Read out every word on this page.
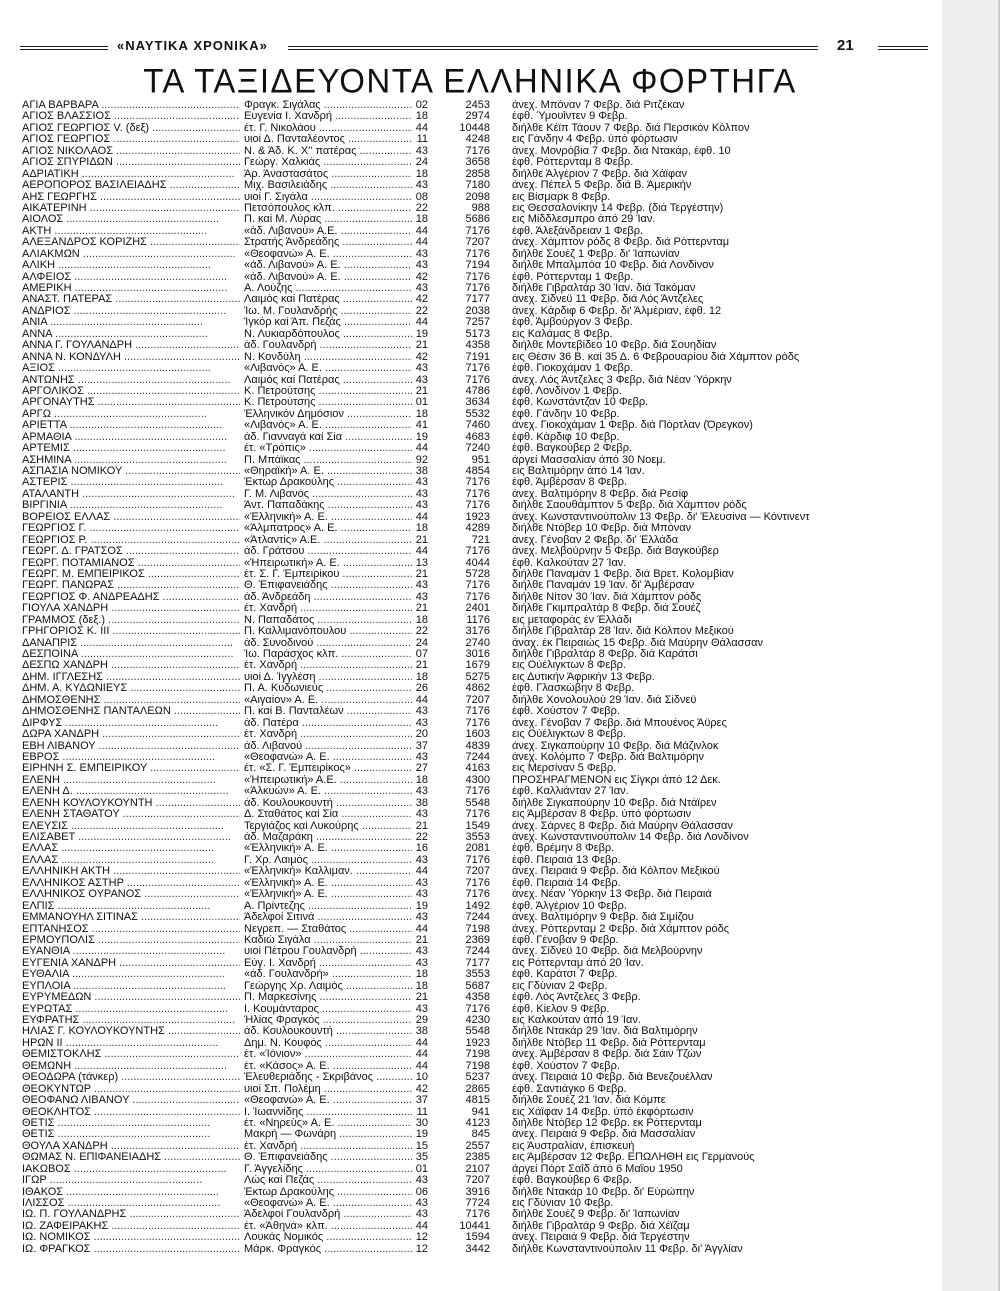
«ΝΑΥΤΙΚΑ ΧΡΟΝΙΚΑ»	21
ΤΑ ΤΑΞΙΔΕΥΟΝΤΑ ΕΛΛΗΝΙΚΑ ΦΟΡΤΗΓΑ
ΑΓΙΑ ΒΑΡΒΑΡΑ .....	Φραγκ. Σιγάλας .....	02	2453 άνεχ. Μπόναν 7 Φεβρ. διά Ριτζέκαν
ΑΓΙΟΣ ΒΛΑΣΣΙΟΣ .....	Ευγενία Ι. Χανδρή .....	18	2974 έφθ. Ύμουΐντεν 9 Φεβρ.
ΑΓΙΟΣ ΓΕΩΡΓΙΟΣ V. (δεξ) .....	έτ. Γ. Νικολάου .....	44	10448 διήλθε Κέϊπ Τάουν 7 Φεβρ. διά Περσικόν Κόλπον
ΑΓΙΟΣ ΓΕΩΡΓΙΟΣ .....	υιοί Δ. Πανταλέοντος .....	11	4248 εις Γάνδην 4 Φεβρ. ύπό φόρτωσιν
ΑΓΙΟΣ ΝΙΚΟΛΑΟΣ .....	Ν. & Άδ. Κ. Χ'' πατέρας .....	43	7176 άνεχ. Μονρόβια 7 Φεβρ. διά Ντακάρ, έφθ. 10
ΑΓΙΟΣ ΣΠΥΡΙΔΩΝ .....	Γεώργ. Χαλκιάς .....	24	3658 έφθ. Ρόττερνταμ 8 Φεβρ.
ΑΔΡΙΑΤΙΚΗ .....	Άρ. Άναστασάτος .....	18	2858 διήλθε Άλγέριον 7 Φεβρ. διά Χάϊφαν
ΑΕΡΟΠΟΡΟΣ ΒΑΣΙΛΕΙΑΔΗΣ .....	Μιχ. Βασιλειάδης .....	43	7180 άνεχ. Πέπελ 5 Φεβρ. διά Β. Άμερικήν
ΑΗΣ ΓΕΩΡΓΗΣ .....	υιοί Γ. Σιγάλα .....	08	2098 εις Βίσμαρκ 8 Φεβρ.
ΑΙΚΑΤΕΡΙΝΗ .....	Πετσόπουλος κλπ. .....	22	988 εις Θεσσαλονίκην 14 Φεβρ. (διά Τεργέστην)
ΑΙΟΛΟΣ .....	Π. καί Μ. Λύρας .....	18	5686 εις Μίδδλεσμπρο άπό 29 Ίαν.
ΑΚΤΗ .....	«άδ. Λιβανού» Α.Ε. .....	44	7176 έφθ. Άλεξάνδρειαν 1 Φεβρ.
ΑΛΕΞΑΝΔΡΟΣ ΚΟΡΙΖΗΣ .....	Στρατής Άνδρεάδης .....	44	7207 άνεχ. Χάμπτον ρόδς 8 Φεβρ. διά Ρόττερνταμ
ΑΛΙΑΚΜΩΝ .....	«Θεοφανώ» Α. Ε. .....	43	7176 διήλθε Σουέζ 1 Φεβρ. δι' Ίαπωνίαν
ΑΛΙΚΗ .....	«άδ. Λιβανού» Α. Ε. .....	43	7194 διήλθε Μπαλμπόα 10 Φεβρ. διά Λονδίνον
ΑΛΦΕΙΟΣ .....	«άδ. Λιβανού» Α. Ε. .....	42	7176 έφθ. Ρόττερνταμ 1 Φεβρ.
ΑΜΕΡΙΚΗ .....	Α. Λούζης .....	43	7176 διήλθε Γιβραλτάρ 30 Ίαν. διά Τακόμαν
ΑΝΑΣΤ. ΠΑΤΕΡΑΣ .....	Λαιμός καί Πατέρας .....	42	7177 άνεχ. Σίδνεϋ 11 Φεβρ. διά Λός Άντζελες
ΑΝΔΡΙΟΣ .....	Ίω. Μ. Γουλανδρής .....	22	2038 άνεχ. Κάρδιφ 6 Φεβρ. δι' Άλμέριαν, έφθ. 12
ΑΝΙΑ .....	Ίγκόρ καί Άπ. Πεζάς .....	44	7257 έφθ. Άμβούργον 3 Φεβρ.
ΑΝΝΑ .....	Ν. Λυκιαρδόπουλος .....	19	5173 εις Καλάμας 8 Φεβρ.
ΑΝΝΑ Γ. ΓΟΥΛΑΝΔΡΗ .....	άδ. Γουλανδρή .....	21	4358 διήλθε Μοντεβίδεο 10 Φεβρ. διά Σουηδίαν
ΑΝΝΑ Ν. ΚΟΝΔΥΛΗ .....	Ν. Κονδύλη .....	42	7191 εις Θέσιν 36 Β. καί 35 Δ. 6 Φεβρουαρίου διά Χάμπτον ρόδς
ΑΞΙΟΣ .....	«Λιβανός» Α. Ε. .....	43	7176 έφθ. Γιοκοχάμαν 1 Φεβρ.
ΑΝΤΩΝΗΣ .....	Λαιμός καί Πατέρας .....	43	7176 άνεχ. Λός Άντζελες 3 Φεβρ. διά Νέαν Ύόρκην
ΑΡΓΟΛΙΚΟΣ .....	Κ. Πετρούτσης .....	21	4786 έφθ. Λονδίνον 1 Φεβρ.
ΑΡΓΟΝΑΥΤΗΣ .....	Κ. Πετρούτσης .....	01	3634 έφθ. Κωνστάντζαν 10 Φεβρ.
ΑΡΓΩ .....	Έλληνικόν Δημόσιον .....	18	5532 έφθ. Γάνδην 10 Φεβρ.
ΑΡΙΕΤΤΑ .....	«Λιβανός» Α. Ε. .....	41	7460 άνεχ. Γιοκοχάμαν 1 Φεβρ. διά Πόρτλαν (Όρεγκον)
ΑΡΜΑΘΙΑ .....	άδ. Γιανναγά καί Σία .....	19	4683 έφθ. Κάρδιφ 10 Φεβρ.
ΑΡΤΕΜΙΣ .....	έτ. «Τρόπις» .....	44	7240 έφθ. Βαγκούβερ 2 Φεβρ.
ΑΣΗΜΙΝΑ .....	Π. Μπάϊκας .....	92	951 άργεί Μασσαλίαν άπό 30 Νοεμ.
ΑΣΠΑΣΙΑ ΝΟΜΙΚΟΥ .....	«Θηραϊκή» Α. Ε. .....	38	4854 εις Βαλτιμόρην άπό 14 Ίαν.
ΑΣΤΕΡΙΣ .....	Έκτωρ Δρακούλης .....	43	7176 έφθ. Άμβέρσαν 8 Φεβρ.
ΑΤΑΛΑΝΤΗ .....	Γ. Μ. Λιβανός .....	43	7176 άνεχ. Βαλτιμόρην 8 Φεβρ. διά Ρεσίφ
ΒΙΡΓΙΝΙΑ .....	Άντ. Παπαδάκης .....	43	7176 διήλθε Σαουθάμπτον 5 Φεβρ. διά Χάμπτον ρόδς
ΒΟΡΕΙΟΣ ΕΛΛΑΣ .....	«Έλληνική» Α. Ε. .....	44	1923 άνεχ. Κωνσταντινούπολιν 13 Φεβρ. δι' Έλευσίνα — Κόντινεντ
ΓΕΩΡΓΙΟΣ Γ. .....	«Άλμπατρος» Α. Ε. .....	18	4289 διήλθε Ντόβερ 10 Φεβρ. διά Μπόναν
ΓΕΩΡΓΙΟΣ Ρ. .....	«Άτλαντίς» Α.Ε. .....	21	721 άνεχ. Γένοβαν 2 Φεβρ. δι' Έλλάδα
ΓΕΩΡΓ. Δ. ΓΡΑΤΣΟΣ .....	άδ. Γράτσου .....	44	7176 άνεχ. Μελβούρνην 5 Φεβρ. διά Βαγκούβερ
ΓΕΩΡΓ. ΠΟΤΑΜΙΑΝΟΣ .....	«Ήπειρωτική» Α. Ε. .....	13	4044 έφθ. Καλκούταν 27 Ίαν.
ΓΕΩΡΓ. Μ. ΕΜΠΕΙΡΙΚΟΣ .....	έτ. Σ. Γ. Έμπειρίκου .....	21	5728 διήλθε Παναμάν 1 Φεβρ. διά Βρετ. Κολομβίαν
ΓΕΩΡΓ. ΠΑΝΩΡΑΣ .....	Θ. Έπιφανειάδης .....	43	7176 διήλθε Παναμάν 19 Ίαν. δι' Άμβέρσαν
ΓΕΩΡΓΙΟΣ Φ. ΑΝΔΡΕΑΔΗΣ .....	άδ. Άνδρεάδη .....	43	7176 διήλθε Νίτον 30 Ίαν. διά Χάμπτον ρόδς
ΓΙΟΥΛΑ ΧΑΝΔΡΗ .....	έτ. Χανδρή .....	21	2401 διήλθε Γκιμπραλτάρ 8 Φεβρ. διά Σουέζ
ΓΡΑΜΜΟΣ (δεξ.) .....	Ν. Παπαδάτος .....	18	1176 εις μεταφοράς έν Έλλάδι
ΓΡΗΓΟΡΙΟΣ Κ. ΙΙΙ .....	Π. Καλλιμανόπουλου .....	22	3176 διήλθε Γιβραλτάρ 28 Ίαν. διά Κόλπον Μεξικού
ΔΑΝΑΠΡΙΣ .....	άδ. Συνοδινού .....	24	2740 άναχ. έκ Πειραιώς 15 Φεβρ. διά Μαύρην Θάλασσαν
ΔΕΣΠΟΙΝΑ .....	Ίω. Παράσχος κλπ. .....	07	3016 διήλθε Γιβραλτάρ 8 Φεβρ. διά Καράτσι
ΔΕΣΠΩ ΧΑΝΔΡΗ .....	έτ. Χανδρή .....	21	1679 εις Ούέλιγκτων 8 Φεβρ.
ΔΗΜ. ΙΓΓΛΕΣΗΣ .....	υιοί Δ. Ίγγλέση .....	18	5275 εις Δυτικήν Άφρικήν 13 Φεβρ.
ΔΗΜ. Α. ΚΥΔΩΝΙΕΥΣ .....	Π. Α. Κυδωνιεύς .....	26	4862 έφθ. Γλασκώβην 8 Φεβρ.
ΔΗΜΟΣΘΕΝΗΣ .....	«Αιγαίον» Α. Ε. .....	44	7207 διήλθε Χονολουλού 29 Ίαν. διά Σίδνεϋ
ΔΗΜΟΣΘΕΝΗΣ ΠΑΝΤΑΛΕΩΝ .....	Π. καί Β. Πανταλέων .....	43	7176 έφθ. Χούστον 7 Φεβρ.
ΔΙΡΦΥΣ .....	άδ. Πατέρα .....	43	7176 άνεχ. Γένοβαν 7 Φεβρ. διά Μπουένος Άϋρες
ΔΩΡΑ ΧΑΝΔΡΗ .....	έτ. Χανδρή .....	20	1603 εις Ούέλιγκτων 8 Φεβρ.
ΕΒΗ ΛΙΒΑΝΟΥ .....	άδ. Λιβανού .....	37	4839 άνεχ. Σιγκαπούρην 10 Φεβρ. διά Μάζινλοκ
ΕΒΡΟΣ .....	«Θεοφανώ» Α. Ε. .....	43	7244 άνεχ. Κολόμπο 7 Φεβρ. διά Βαλτιμόρην
ΕΙΡΗΝΗ Σ. ΕΜΠΕΙΡΙΚΟΥ .....	έτ. «Σ. Γ. Έμπειρίκος» .....	27	4163 εις Μερσίναν 5 Φεβρ.
ΕΛΕΝΗ .....	«Ήπειρωτική» Α.Ε. .....	18	4300 ΠΡΟΣΗΡΑΓΜΕΝΟΝ εις Σίγκρι άπό 12 Δεκ.
ΕΛΕΝΗ Δ. .....	«Άλκυών» Α. Ε. .....	43	7176 έφθ. Καλλιάνταν 27 Ίαν.
ΕΛΕΝΗ ΚΟΥΛΟΥΚΟΥΝΤΗ .....	άδ. Κουλουκουντή .....	38	5548 διήλθε Σιγκαπούρην 10 Φεβρ. διά Ντάϊρεν
ΕΛΕΝΗ ΣΤΑΘΑΤΟΥ .....	Δ. Σταθάτος καί Σία .....	43	7176 εις Άμβέρσαν 8 Φεβρ. ύπό φόρτωσιν
ΕΛΕΥΣΙΣ .....	Τεργιάζος καί Λυκούρης .....	21	1549 άνεχ. Σάρνες 8 Φεβρ. διά Μαύρην Θάλασσαν
ΕΛΙΣΑΒΕΤ .....	άδ. Μαζαράκη .....	22	3553 άνεχ. Κωνσταντινούπολιν 14 Φεβρ. διά Λονδίνον
ΕΛΛΑΣ .....	«Έλληνική» Α. Ε. .....	16	2081 έφθ. Βρέμην 8 Φεβρ.
ΕΛΛΑΣ .....	Γ. Χρ. Λαιμός .....	43	7176 έφθ. Πειραιά 13 Φεβρ.
ΕΛΛΗΝΙΚΗ ΑΚΤΗ .....	«Έλληνική» Καλλιμαν. .....	44	7207 άνεχ. Πειραιά 9 Φεβρ. διά Κόλπον Μεξικού
ΕΛΛΗΝΙΚΟΣ ΑΣΤΗΡ .....	«Έλληνική» Α. Ε. .....	43	7176 έφθ. Πειραιά 14 Φεβρ.
ΕΛΛΗΝΙΚΟΣ ΟΥΡΑΝΟΣ .....	«Έλληνική» Α. Ε. .....	43	7176 άνεχ. Νέαν Ύόρκην 13 Φεβρ. διά Πειραιά
ΕΛΠΙΣ .....	Α. Πρίντεζης .....	19	1492 έφθ. Άλγέριον 10 Φεβρ.
ΕΜΜΑΝΟΥΗΛ ΣΙΤΙΝΑΣ .....	Άδελφοί Σιτινά .....	43	7244 άνεχ. Βαλτιμόρην 9 Φεβρ. διά Σιμίζου
ΕΠΤΑΝΗΣΟΣ .....	Νεγρεπ. — Σταθάτος .....	44	7198 άνεχ. Ρόττερνταμ 2 Φεβρ. διά Χάμπτον ρόδς
ΕΡΜΟΥΠΟΛΙΣ .....	Καδιώ Σιγάλα .....	21	2369 έφθ. Γένοβαν 9 Φεβρ.
ΕΥΑΝΘΙΑ .....	υιοί Πέτρου Γουλανδρή .....	43	7244 άνεχ. Σίδνεϋ 10 Φεβρ. διά Μελβούρνην
ΕΥΓΕΝΙΑ ΧΑΝΔΡΗ .....	Εύγ. Ι. Χανδρή .....	43	7177 εις Ρόττερνταμ άπό 20 Ίαν.
ΕΥΘΑΛΙΑ .....	«άδ. Γουλανδρή» .....	18	3553 έφθ. Καράτσι 7 Φεβρ.
ΕΥΠΛΟΙΑ .....	Γεώργης Χρ. Λαιμός .....	18	5687 εις Γδύνιαν 2 Φεβρ.
ΕΥΡΥΜΕΔΩΝ .....	Π. Μαρκεσίνης .....	21	4358 έφθ. Λός Άντζελες 3 Φεβρ.
ΕΥΡΩΤΑΣ .....	Ι. Κουμάνταρος .....	43	7176 έφθ. Κίελον 9 Φεβρ.
ΕΥΦΡΑΤΗΣ .....	Ήλίας Φραγκός .....	29	4230 εις Καλκούταν άπό 19 Ίαν.
ΗΛΙΑΣ Γ. ΚΟΥΛΟΥΚΟΥΝΤΗΣ .....	άδ. Κουλουκουντή .....	38	5548 διήλθε Ντακάρ 29 Ίαν. διά Βαλτιμόρην
ΗΡΩΝ ΙΙ .....	Δημ. Ν. Κουφός .....	44	1923 διήλθε Ντόβερ 11 Φεβρ. διά Ρόττερνταμ
ΘΕΜΙΣΤΟΚΛΗΣ .....	έτ. «Ίόνιον» .....	44	7198 άνεχ. Άμβέρσαν 8 Φεβρ. διά Σάιν Τζών
ΘΕΜΩΝΗ .....	έτ. «Κάσος» Α. Ε. .....	44	7198 έφθ. Χούστον 7 Φεβρ.
ΘΕΟΔΩΡΑ (τάνκερ) .....	Έλευθεριάδης - Σκριβάνος .....	10	5237 άνεχ. Πειραιά 10 Φεβρ. διά Βενεζουέλλαν
ΘΕΟΚΥΝΤΩΡ .....	υιοί Σπ. Πολέμη .....	42	2865 έφθ. Σαντιάγκο 6 Φεβρ.
ΘΕΟΦΑΝΩ ΛΙΒΑΝΟΥ .....	«Θεοφανώ» Α. Ε. .....	37	4815 διήλθε Σουέζ 21 Ίαν. διά Κόμπε
ΘΕΟΚΛΗΤΟΣ .....	Ι. Ίωαννίδης .....	11	941 εις Χάϊφαν 14 Φεβρ. ύπό έκφόρτωσιν
ΘΕΤΙΣ .....	έτ. «Νηρεύς» Α. Ε. .....	30	4123 διήλθε Ντόβερ 12 Φεβρ. εκ Ρόττερνταμ
ΘΕΤΙΣ .....	Μακρή — Φωνάρη .....	19	845 άνεχ. Πειραιά 9 Φεβρ. διά Μασσαλίαν
ΘΟΥΛΑ ΧΑΝΔΡΗ .....	έτ. Χανδρή .....	15	2557 εις Άυστραλίαν, έπισκευή
ΘΩΜΑΣ Ν. ΕΠΙΦΑΝΕΙΑΔΗΣ .....	Θ. Έπιφανειάδης .....	35	2385 εις Άμβέρσαν 12 Φεβρ. ΕΠΩΛΗΘΗ εις Γερμανούς
ΙΑΚΩΒΟΣ .....	Γ. Άγγελίδης .....	01	2107 άργεί Πόρτ Σαΐδ άπό 6 Μαΐου 1950
ΙΓΩΡ .....	Λώς καί Πεζάς .....	43	7207 έφθ. Βαγκούβερ 6 Φεβρ.
ΙΘΑΚΟΣ .....	Έκτωρ Δρακούλης .....	06	3916 διήλθε Ντακάρ 10 Φεβρ. δι' Εύρώπην
ΙΛΙΣΣΟΣ .....	«Θεοφανώ» Α. Ε. .....	43	7724 εις Γδύνιαν 10 Φεβρ.
ΙΩ. Π. ΓΟΥΛΑΝΔΡΗΣ .....	Άδελφοί Γουλανδρή .....	43	7176 διήλθε Σουέζ 9 Φεβρ. δι' Ίαπωνίαν
ΙΩ. ΖΑΦΕΙΡΑΚΗΣ .....	έτ. «Άθηνά» κλπ. .....	44	10441 διήλθε Γιβραλτάρ 9 Φεβρ. διά Χέϊζαμ
ΙΩ. ΝΟΜΙΚΟΣ .....	Λουκάς Νομικός .....	12	1594 άνεχ. Πειραιά 9 Φεβρ. διά Τεργέστην
ΙΩ. ΦΡΑΓΚΟΣ .....	Μάρκ. Φραγκός .....	12	3442 διήλθε Κωνσταντινούπολιν 11 Φεβρ. δι' Άγγλίαν
